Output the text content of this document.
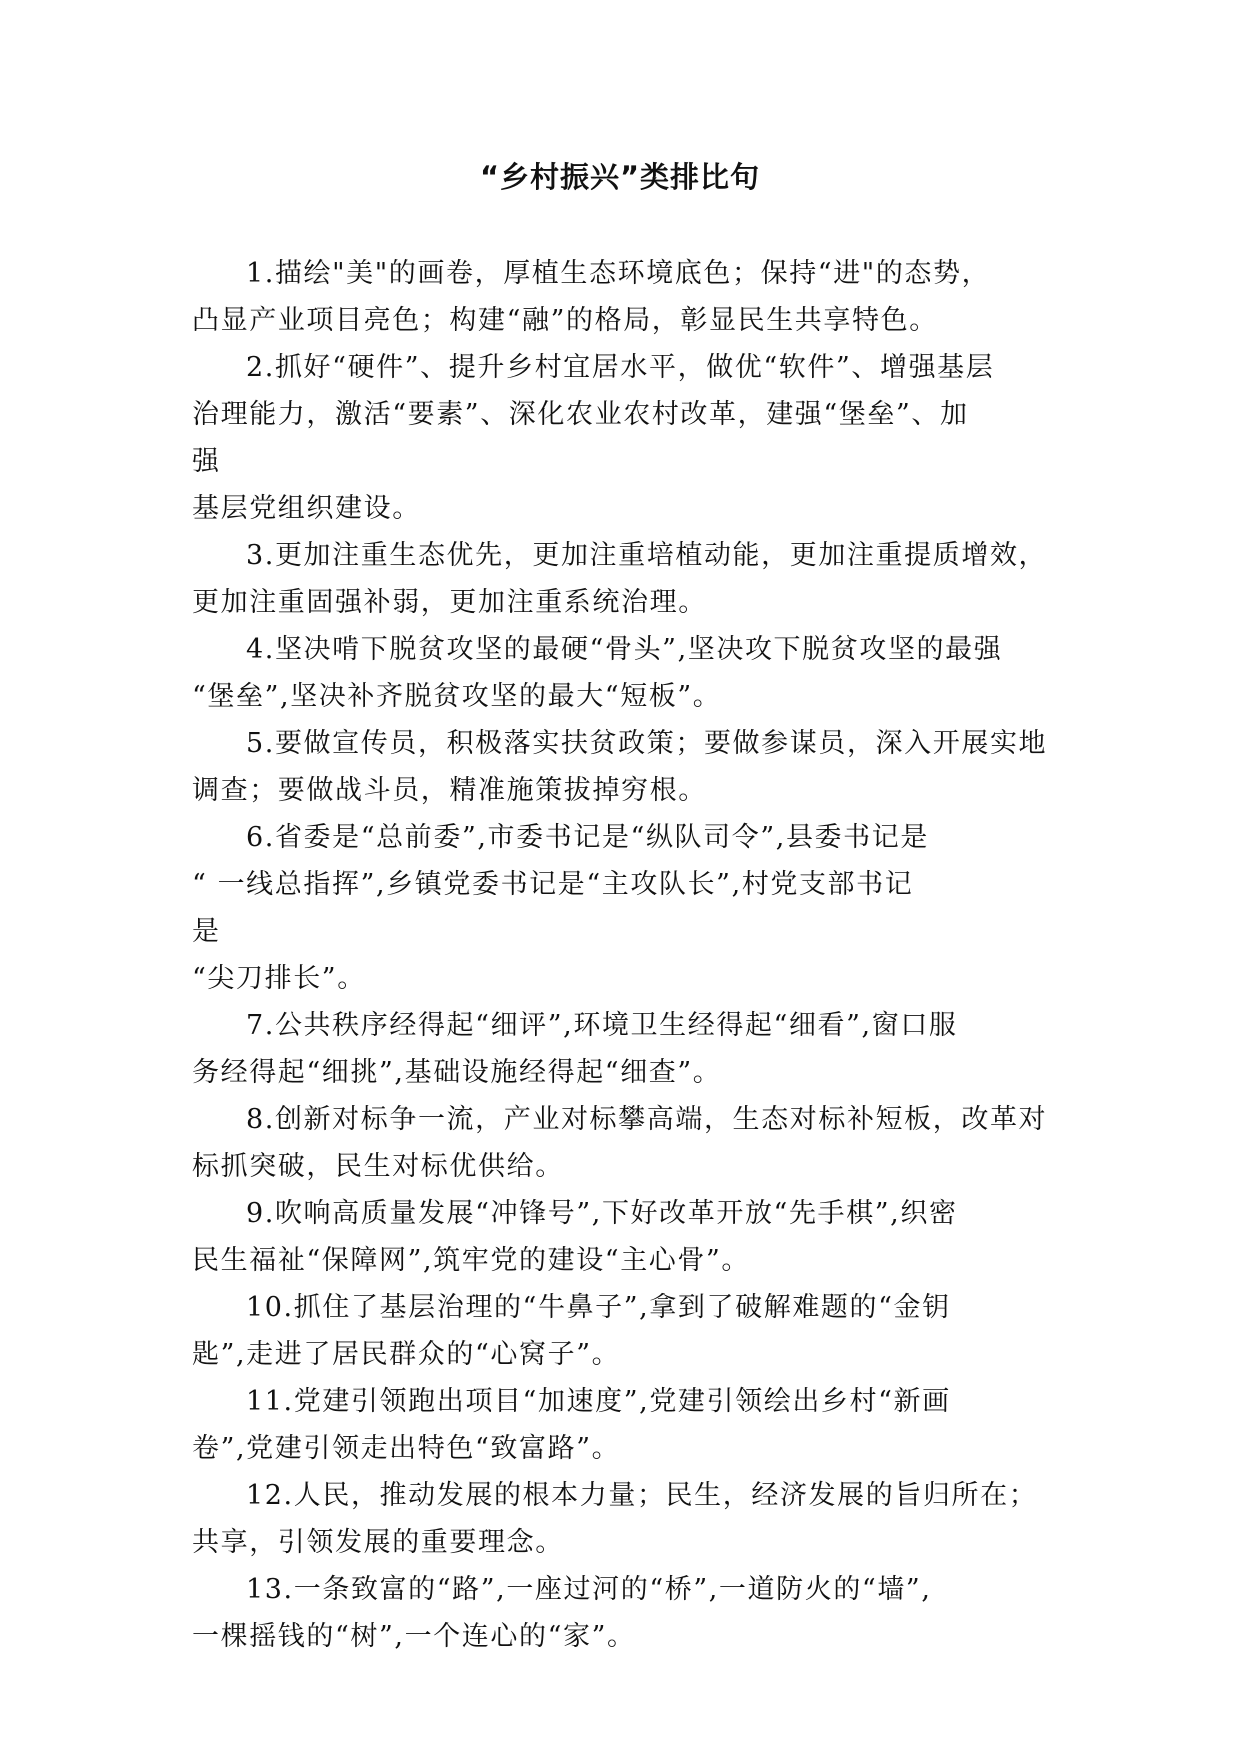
“乡村振兴”类排比句
1.描绘"美"的画卷，厚植生态环境底色；保持“进"的态势，
凸显产业项目亮色；构建“融”的格局，彰显民生共享特色。
2.抓好“硬件”、提升乡村宜居水平，做优“软件”、增强基层
治理能力，激活“要素”、深化农业农村改革，建强“堡垒”、加
强
基层党组织建设。
3.更加注重生态优先，更加注重培植动能，更加注重提质增效，
更加注重固强补弱，更加注重系统治理。
4.坚决啃下脱贫攻坚的最硬“骨头”,坚决攻下脱贫攻坚的最强
“堡垒”,坚决补齐脱贫攻坚的最大“短板”。
5.要做宣传员，积极落实扶贫政策；要做参谋员，深入开展实地
调查；要做战斗员，精准施策拔掉穷根。
6.省委是“总前委”,市委书记是“纵队司令”,县委书记是
“ 一线总指挥”,乡镇党委书记是“主攻队长”,村党支部书记
是
“尖刀排长”。
7.公共秩序经得起“细评”,环境卫生经得起“细看”,窗口服
务经得起“细挑”,基础设施经得起“细查”。
8.创新对标争一流，产业对标攀高端，生态对标补短板，改革对
标抓突破，民生对标优供给。
9.吹响高质量发展“冲锋号”,下好改革开放“先手棋”,织密
民生福祉“保障网”,筑牢党的建设“主心骨”。
10.抓住了基层治理的“牛鼻子”,拿到了破解难题的“金钥
匙”,走进了居民群众的“心窝子”。
11.党建引领跑出项目“加速度”,党建引领绘出乡村“新画
卷”,党建引领走出特色“致富路”。
12.人民，推动发展的根本力量；民生，经济发展的旨归所在；
共享，引领发展的重要理念。
13.一条致富的“路”,一座过河的“桥”,一道防火的“墙”,
一棵摇钱的“树”,一个连心的“家”。
